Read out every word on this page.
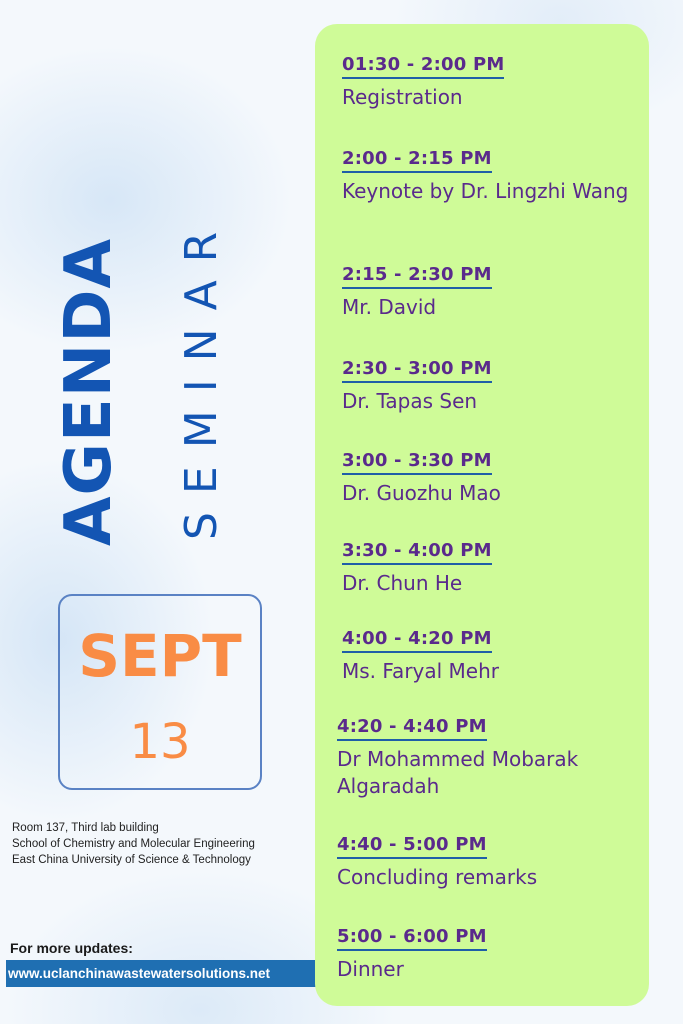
AGENDA SEMINAR
SEPT
13
Room 137, Third lab building
School of Chemistry and Molecular Engineering
East China University of Science & Technology
For more updates:
www.uclanchinawastewatersolutions.net
01:30 - 2:00 PM
Registration
2:00 - 2:15 PM
Keynote by Dr. Lingzhi Wang
2:15 - 2:30 PM
Mr. David
2:30 - 3:00 PM
Dr. Tapas Sen
3:00 - 3:30 PM
Dr. Guozhu Mao
3:30 - 4:00 PM
Dr. Chun He
4:00 - 4:20 PM
Ms. Faryal Mehr
4:20 - 4:40 PM
Dr Mohammed Mobarak Algaradah
4:40 - 5:00 PM
Concluding remarks
5:00 - 6:00 PM
Dinner
